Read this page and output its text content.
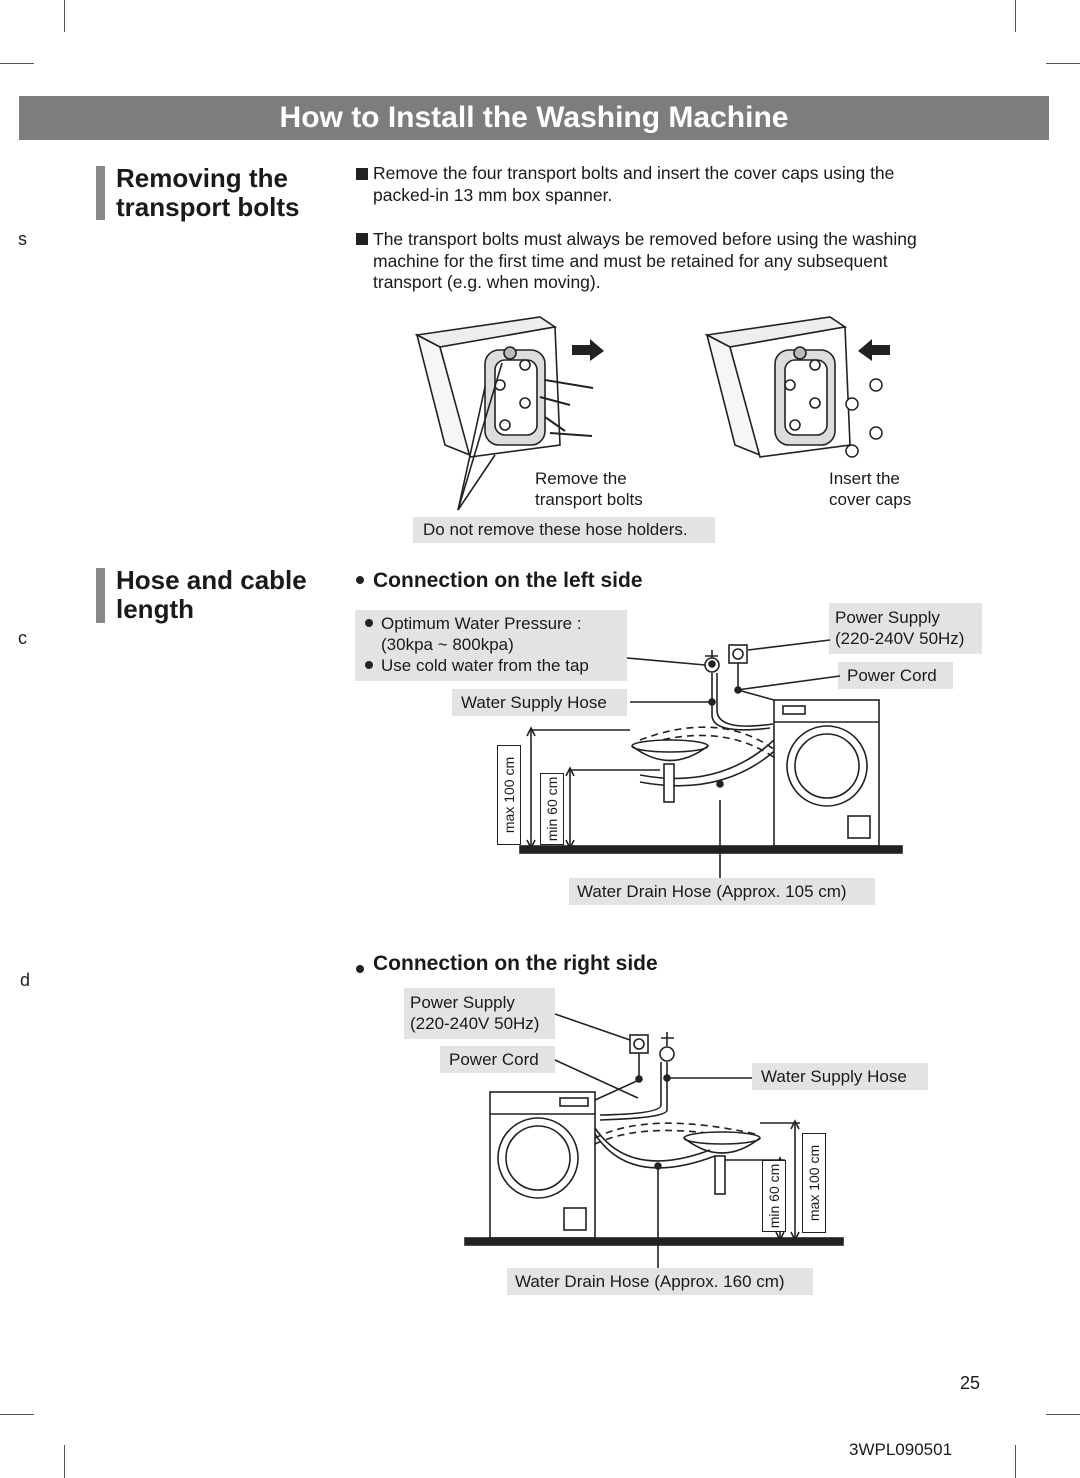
s
c
d
How to Install the Washing Machine
Removing the
transport bolts
Remove the four transport bolts and insert the cover caps using the
packed-in 13 mm box spanner.
The transport bolts must always be removed before using the washing
machine for the first time and must be retained for any subsequent
transport (e.g. when moving).
Remove the
transport bolts
Insert the
cover caps
Do not remove these hose holders.
Hose and cable
length
Connection on the left side
Optimum Water Pressure :
(30kpa ~ 800kpa)
Use cold water from the tap
Power Supply
(220-240V 50Hz)
Power Cord
Water Supply Hose
max 100 cm min 60 cm
Water Drain Hose (Approx. 105 cm)
Connection on the right side
Power Supply
(220-240V 50Hz)
Power Cord
Water Supply Hose
min 60 cm max 100 cm
Water Drain Hose (Approx. 160 cm)
25
3WPL090501
